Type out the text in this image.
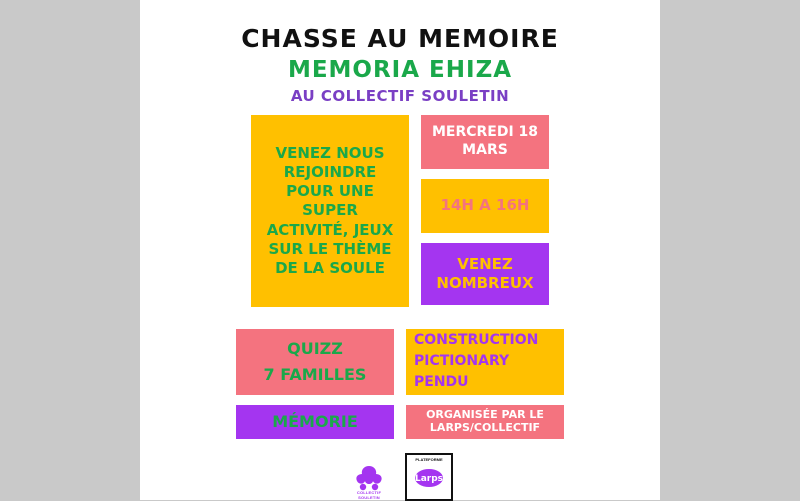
CHASSE AU MEMOIRE
MEMORIA EHIZA
AU COLLECTIF SOULETIN
VENEZ NOUS REJOINDRE POUR UNE SUPER ACTIVITÉ, JEUX SUR LE THÈME DE LA SOULE
MERCREDI 18 MARS
14H A 16H
VENEZ NOMBREUX
QUIZZ
7 FAMILLES
CONSTRUCTION
PICTIONARY
PENDU
MÉMORIE	ORGANISÉE PAR LE
LARPS/COLLECTIF
COLLECTIF SOULETIN
PLATEFORME
Larps
